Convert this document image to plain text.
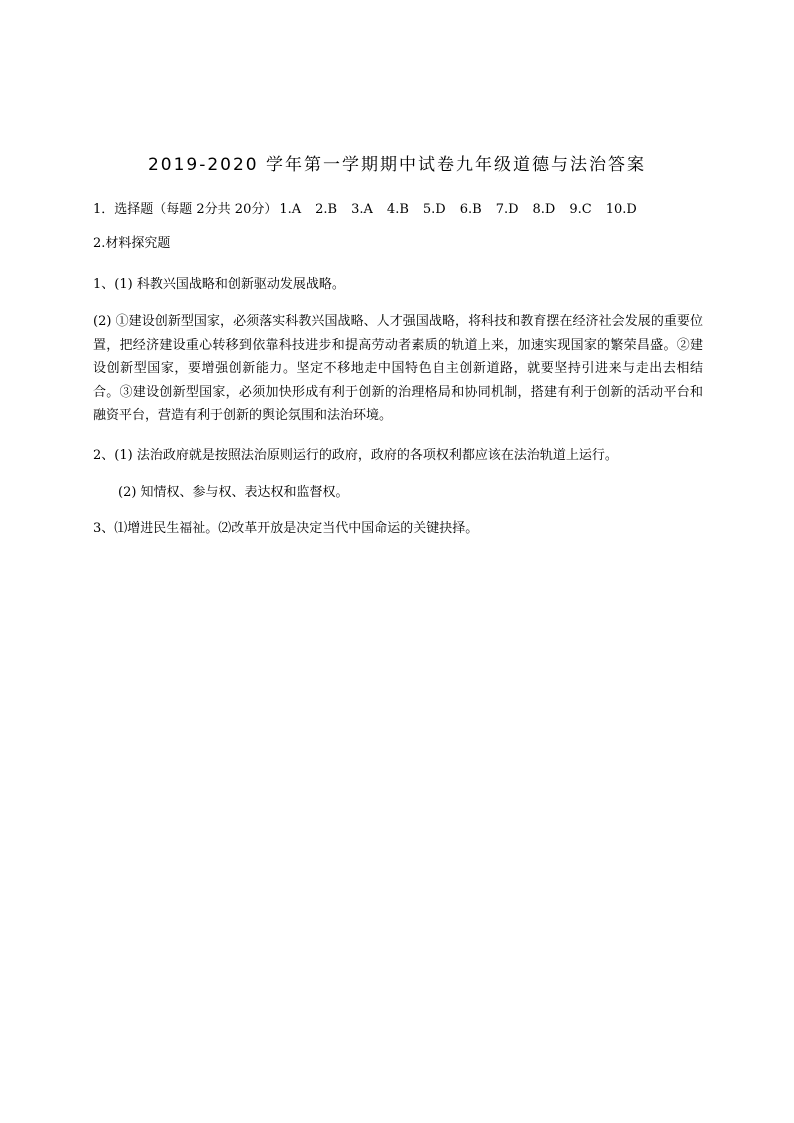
2019-2020 学年第一学期期中试卷九年级道德与法治答案
1．选择题（每题 2分共 20分） 1.A 2.B 3.A 4.B 5.D 6.B 7.D 8.D 9.C 10.D
2.材料探究题
1、(1) 科教兴国战略和创新驱动发展战略。
(2) ①建设创新型国家，必须落实科教兴国战略、人才强国战略，将科技和教育摆在经济社会发展的重要位置，把经济建设重心转移到依靠科技进步和提高劳动者素质的轨道上来，加速实现国家的繁荣昌盛。②建设创新型国家，要增强创新能力。坚定不移地走中国特色自主创新道路，就要坚持引进来与走出去相结合。③建设创新型国家，必须加快形成有利于创新的治理格局和协同机制，搭建有利于创新的活动平台和融资平台，营造有利于创新的舆论氛围和法治环境。
2、(1) 法治政府就是按照法治原则运行的政府，政府的各项权利都应该在法治轨道上运行。
(2) 知情权、参与权、表达权和监督权。
3、⑴增进民生福祉。⑵改革开放是决定当代中国命运的关键抉择。
